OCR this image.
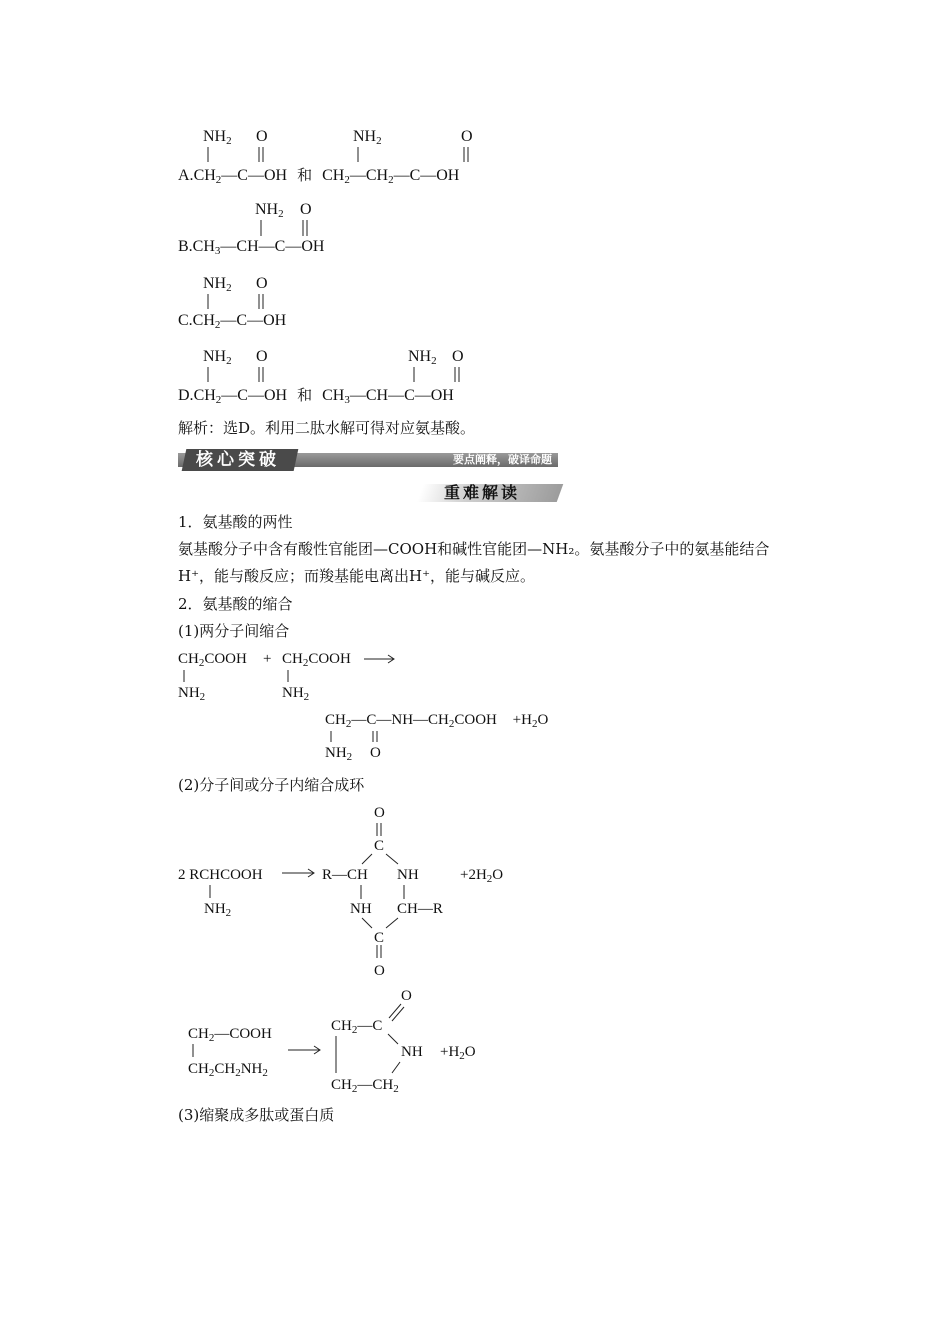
$NH_2$ O	$NH_2$	O
$A.CH_2—C—OH$ 和 $CH_2—CH_2—C—OH$
$NH_2$ O
$B.CH_3—CH—C—OH$
$NH_2$ O
$C.CH_2—C—OH$
$NH_2$ O	$NH_2$ O
$D.CH_2—C—OH$ 和 $CH_3—CH—C—OH$
解析：选D。利用二肽水解可得对应氨基酸。
核心突破	要点阐释，破译命题
重难解读
1．氨基酸的两性
氨基酸分子中含有酸性官能团—COOH和碱性官能团—NH₂。氨基酸分子中的氨基能结合
H⁺，能与酸反应；而羧基能电离出H⁺，能与碱反应。
2．氨基酸的缩合
(1)两分子间缩合
$CH_2COOH$ + $CH_2COOH$
$NH_2$	$NH_2$
$CH_2—C—NH—CH_2COOH +H_2O$
$NH_2$ O
(2)分子间或分子内缩合成环
O
C
2 RCHCOOH	R—CH NH	$+2H_2O$
$NH_2$	NH CH—R
C
O
O
$CH_2—C$
$CH_2—COOH$
NH $+H_2O$
$CH_2CH_2NH_2$
$CH_2—CH_2$
(3)缩聚成多肽或蛋白质
